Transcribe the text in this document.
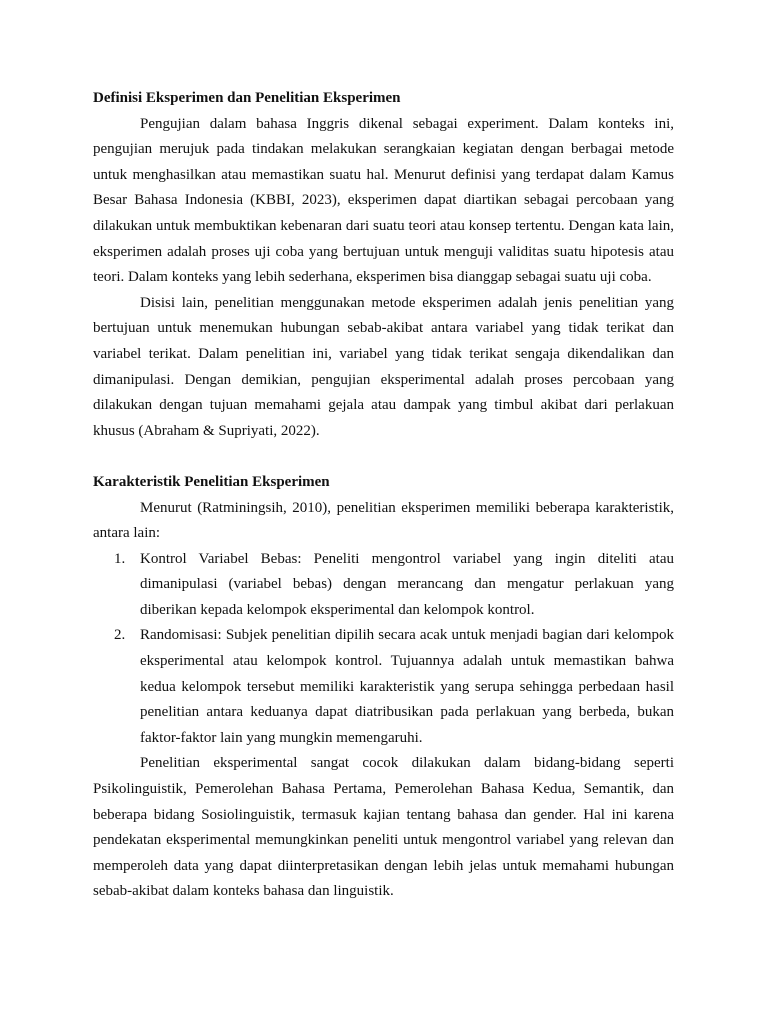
Definisi Eksperimen dan Penelitian Eksperimen

Pengujian dalam bahasa Inggris dikenal sebagai experiment. Dalam konteks ini, pengujian merujuk pada tindakan melakukan serangkaian kegiatan dengan berbagai metode untuk menghasilkan atau memastikan suatu hal. Menurut definisi yang terdapat dalam Kamus Besar Bahasa Indonesia (KBBI, 2023), eksperimen dapat diartikan sebagai percobaan yang dilakukan untuk membuktikan kebenaran dari suatu teori atau konsep tertentu. Dengan kata lain, eksperimen adalah proses uji coba yang bertujuan untuk menguji validitas suatu hipotesis atau teori. Dalam konteks yang lebih sederhana, eksperimen bisa dianggap sebagai suatu uji coba.

Disisi lain, penelitian menggunakan metode eksperimen adalah jenis penelitian yang bertujuan untuk menemukan hubungan sebab-akibat antara variabel yang tidak terikat dan variabel terikat. Dalam penelitian ini, variabel yang tidak terikat sengaja dikendalikan dan dimanipulasi. Dengan demikian, pengujian eksperimental adalah proses percobaan yang dilakukan dengan tujuan memahami gejala atau dampak yang timbul akibat dari perlakuan khusus (Abraham & Supriyati, 2022).

Karakteristik Penelitian Eksperimen

Menurut (Ratminingsih, 2010), penelitian eksperimen memiliki beberapa karakteristik, antara lain:

1. Kontrol Variabel Bebas: Peneliti mengontrol variabel yang ingin diteliti atau dimanipulasi (variabel bebas) dengan merancang dan mengatur perlakuan yang diberikan kepada kelompok eksperimental dan kelompok kontrol.
2. Randomisasi: Subjek penelitian dipilih secara acak untuk menjadi bagian dari kelompok eksperimental atau kelompok kontrol. Tujuannya adalah untuk memastikan bahwa kedua kelompok tersebut memiliki karakteristik yang serupa sehingga perbedaan hasil penelitian antara keduanya dapat diatribusikan pada perlakuan yang berbeda, bukan faktor-faktor lain yang mungkin memengaruhi.

Penelitian eksperimental sangat cocok dilakukan dalam bidang-bidang seperti Psikolinguistik, Pemerolehan Bahasa Pertama, Pemerolehan Bahasa Kedua, Semantik, dan beberapa bidang Sosiolinguistik, termasuk kajian tentang bahasa dan gender. Hal ini karena pendekatan eksperimental memungkinkan peneliti untuk mengontrol variabel yang relevan dan memperoleh data yang dapat diinterpretasikan dengan lebih jelas untuk memahami hubungan sebab-akibat dalam konteks bahasa dan linguistik.
